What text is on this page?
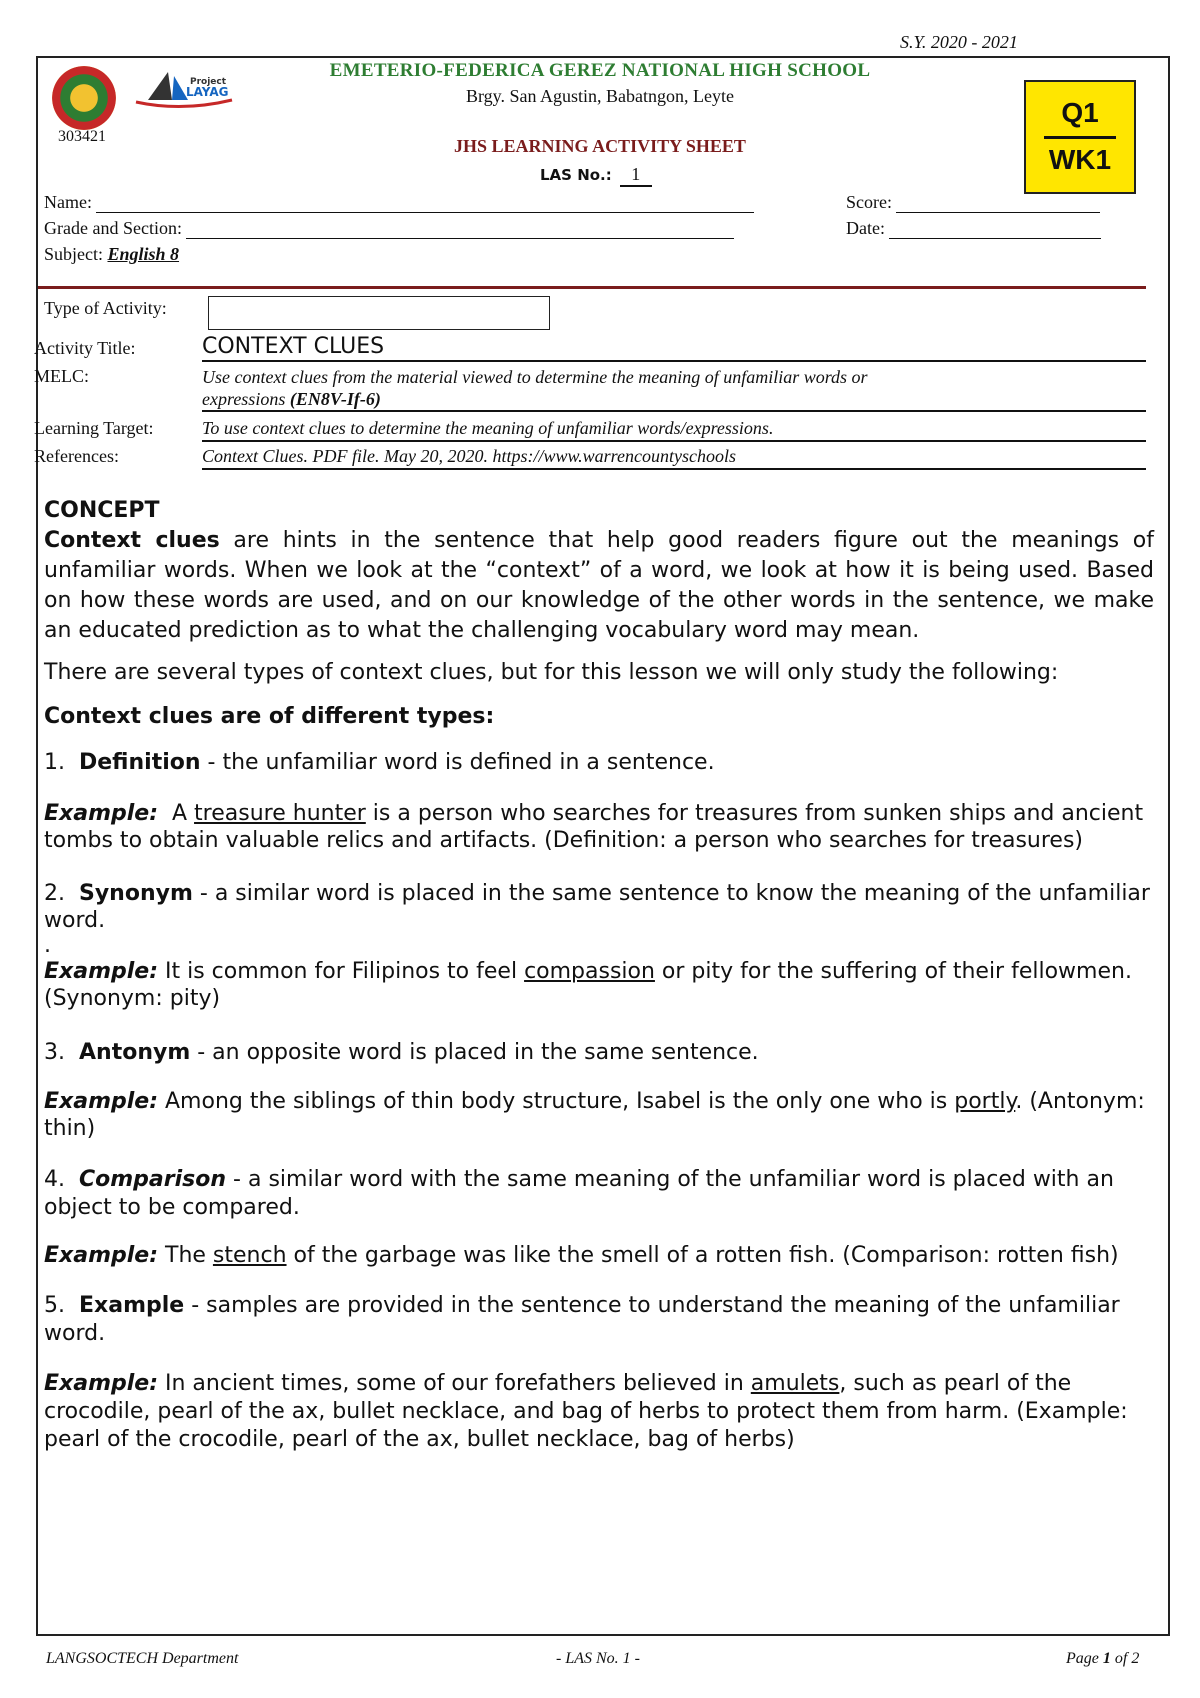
S.Y. 2020 - 2021
Project
LAYAG
303421
EMETERIO-FEDERICA GEREZ NATIONAL HIGH SCHOOL
Brgy. San Agustin, Babatngon, Leyte
JHS LEARNING ACTIVITY SHEET
LAS No.: 1
Q1
WK1
Name:
Grade and Section:
Subject: English 8
Score:
Date:
Type of Activity:
Activity Title:	CONTEXT CLUES
MELC:	Use context clues from the material viewed to determine the meaning of unfamiliar words or
expressions (EN8V-If-6)
Learning Target:	To use context clues to determine the meaning of unfamiliar words/expressions.
References:	Context Clues. PDF file. May 20, 2020. https://www.warrencountyschools

CONCEPT

Context clues are hints in the sentence that help good readers figure out the meanings of unfamiliar words. When we look at the “context” of a word, we look at how it is being used. Based on how these words are used, and on our knowledge of the other words in the sentence, we make an educated prediction as to what the challenging vocabulary word may mean.

There are several types of context clues, but for this lesson we will only study the following:

Context clues are of different types:

1. Definition - the unfamiliar word is defined in a sentence.

Example: A treasure hunter is a person who searches for treasures from sunken ships and ancient tombs to obtain valuable relics and artifacts. (Definition: a person who searches for treasures)

2. Synonym - a similar word is placed in the same sentence to know the meaning of the unfamiliar word.

.

Example: It is common for Filipinos to feel compassion or pity for the suffering of their fellowmen. (Synonym: pity)

3. Antonym - an opposite word is placed in the same sentence.

Example: Among the siblings of thin body structure, Isabel is the only one who is portly. (Antonym: thin)

4. Comparison - a similar word with the same meaning of the unfamiliar word is placed with an object to be compared.

Example: The stench of the garbage was like the smell of a rotten fish. (Comparison: rotten fish)

5. Example - samples are provided in the sentence to understand the meaning of the unfamiliar word.

Example: In ancient times, some of our forefathers believed in amulets, such as pearl of the crocodile, pearl of the ax, bullet necklace, and bag of herbs to protect them from harm. (Example: pearl of the crocodile, pearl of the ax, bullet necklace, bag of herbs)

LANGSOCTECH Department	- LAS No. 1 -	Page 1 of 2
